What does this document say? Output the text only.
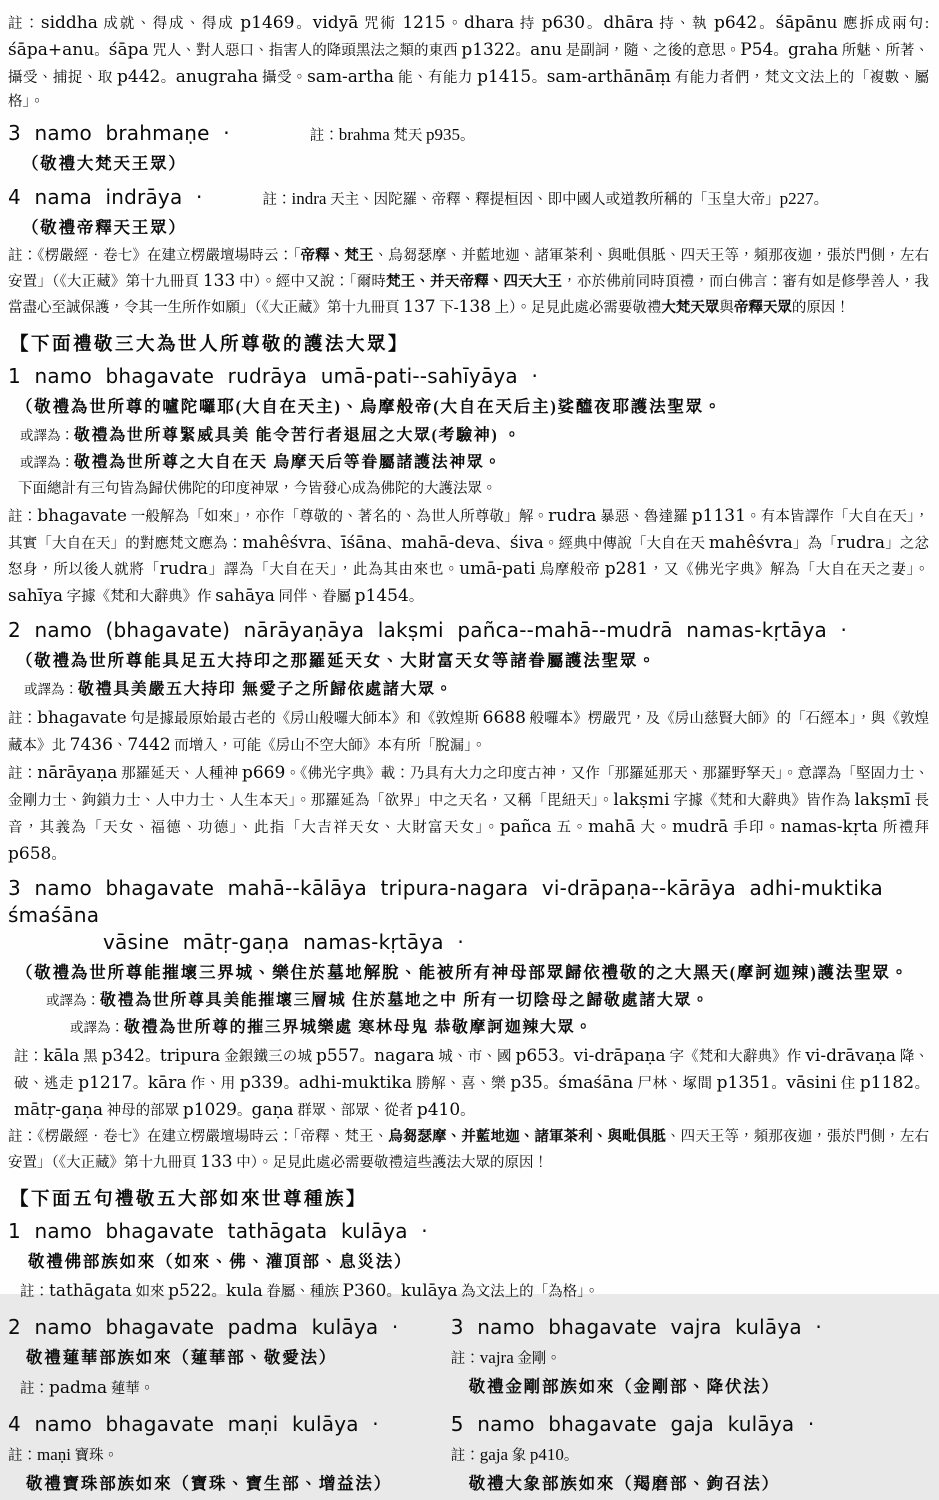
註：siddha 成就、得成、得成 p1469。vidyā 咒術 1215。dhara 持 p630。dhāra 持、執 p642。śāpānu 應拆成兩句: śāpa+anu。śāpa 咒人、對人惡口、指害人的降頭黑法之類的東西 p1322。anu 是副詞，隨、之後的意思。P54。graha 所魅、所著、攝受、捕捉、取 p442。anugraha 攝受。sam-artha 能、有能力 p1415。sam-arthānāṃ 有能力者們，梵文文法上的「複數、屬格」。
3 namo brahmaṇe ·	註：brahma 梵天 p935。
（敬禮大梵天王眾）
4 nama indrāya ·	註：indra 天主、因陀羅、帝釋、釋提桓因、即中國人或道教所稱的「玉皇大帝」p227。
（敬禮帝釋天王眾）
註：《楞嚴經‧卷七》在建立楞嚴壇場時云：「帝釋、梵王、烏芻瑟摩、并藍地迦、諸軍茶利、與毗俱胝、四天王等，頻那夜迦，張於門側，左右安置」（《大正藏》第十九冊頁 133 中）。經中又說：「爾時梵王、并天帝釋、四天大王，亦於佛前同時頂禮，而白佛言：審有如是修學善人，我當盡心至誠保護，令其一生所作如願」（《大正藏》第十九冊頁 137 下-138 上）。足見此處必需要敬禮大梵天眾與帝釋天眾的原因！
【下面禮敬三大為世人所尊敬的護法大眾】
1 namo bhagavate rudrāya umā-pati--sahīyāya ·
（敬禮為世所尊的嚧陀囉耶(大自在天主)、烏摩般帝(大自在天后主)娑醯夜耶護法聖眾。
或譯為：敬禮為世所尊緊威具美 能令苦行者退屈之大眾(考驗神) 。
或譯為：敬禮為世所尊之大自在天 烏摩天后等眷屬諸護法神眾。
下面總計有三句皆為歸伏佛陀的印度神眾，今皆發心成為佛陀的大護法眾。
註：bhagavate 一般解為「如來」，亦作「尊敬的、著名的、為世人所尊敬」解。rudra 暴惡、魯達羅 p1131。有本皆譯作「大自在天」，其實「大自在天」的對應梵文應為：mahêśvra、īśāna、mahā-deva、śiva。經典中傳說「大自在天 mahêśvra」為「rudra」之忿怒身，所以後人就將「rudra」譯為「大自在天」，此為其由來也。umā-pati 烏摩般帝 p281，又《佛光字典》解為「大自在天之妻」。sahīya 字據《梵和大辭典》作 sahāya 同伴、眷屬 p1454。
2 namo (bhagavate) nārāyaṇāya lakṣmi pañca--mahā--mudrā namas-kṛtāya ·
（敬禮為世所尊能具足五大持印之那羅延天女、大財富天女等諸眷屬護法聖眾。
或譯為：敬禮具美嚴五大持印 無愛子之所歸依處諸大眾。
註：bhagavate 句是據最原始最古老的《房山般囉大師本》和《敦煌斯 6688 般囉本》楞嚴咒，及《房山慈賢大師》的「石經本」，與《敦煌藏本》北 7436、7442 而增入，可能《房山不空大師》本有所「脫漏」。
註：nārāyaṇa 那羅延天、人種神 p669。《佛光字典》載：乃具有大力之印度古神，又作「那羅延那天、那羅野拏天」。意譯為「堅固力士、金剛力士、鉤鎖力士、人中力士、人生本天」。那羅延為「欲界」中之天名，又稱「毘紐天」。lakṣmi 字據《梵和大辭典》皆作為 lakṣmī 長音，其義為「天女、福德、功德」、此指「大吉祥天女、大財富天女」。pañca 五。mahā 大。mudrā 手印。namas-kṛta 所禮拜 p658。
3 namo bhagavate mahā--kālāya tripura-nagara vi-drāpaṇa--kārāya adhi-muktika śmaśāna
vāsine mātṛ-gaṇa namas-kṛtāya ·
（敬禮為世所尊能摧壞三界城、樂住於墓地解脫、能被所有神母部眾歸依禮敬的之大黑天(摩訶迦辣)護法聖眾。
或譯為：敬禮為世所尊具美能摧壞三層城 住於墓地之中 所有一切陰母之歸敬處諸大眾。
或譯為：敬禮為世所尊的摧三界城樂處 寒林母鬼 恭敬摩訶迦辣大眾。
註：kāla 黑 p342。tripura 金銀鐵三の城 p557。nagara 城、市、國 p653。vi-drāpaṇa 字《梵和大辭典》作 vi-drāvaṇa 降、破、逃走 p1217。kāra 作、用 p339。adhi-muktika 勝解、喜、樂 p35。śmaśāna 尸林、塚間 p1351。vāsini 住 p1182。mātṛ-gaṇa 神母的部眾 p1029。gaṇa 群眾、部眾、從者 p410。
註：《楞嚴經‧卷七》在建立楞嚴壇場時云：「帝釋、梵王、烏芻瑟摩、并藍地迦、諸軍茶利、與毗俱胝、四天王等，頻那夜迦，張於門側，左右安置」（《大正藏》第十九冊頁 133 中）。足見此處必需要敬禮這些護法大眾的原因！
【下面五句禮敬五大部如來世尊種族】
1 namo bhagavate tathāgata kulāya ·
敬禮佛部族如來（如來、佛、灌頂部、息災法）
註：tathāgata 如來 p522。kula 眷屬、種族 P360。kulāya 為文法上的「為格」。
2 namo bhagavate padma kulāya ·
敬禮蓮華部族如來（蓮華部、敬愛法）
註：padma 蓮華。
3 namo bhagavate vajra kulāya ·
註：vajra 金剛。
敬禮金剛部族如來（金剛部、降伏法）
4 namo bhagavate maṇi kulāya ·
註：maṇi 寶珠。
敬禮寶珠部族如來（寶珠、寶生部、增益法）
5 namo bhagavate gaja kulāya ·
註：gaja 象 p410。
敬禮大象部族如來（羯磨部、鉤召法）
